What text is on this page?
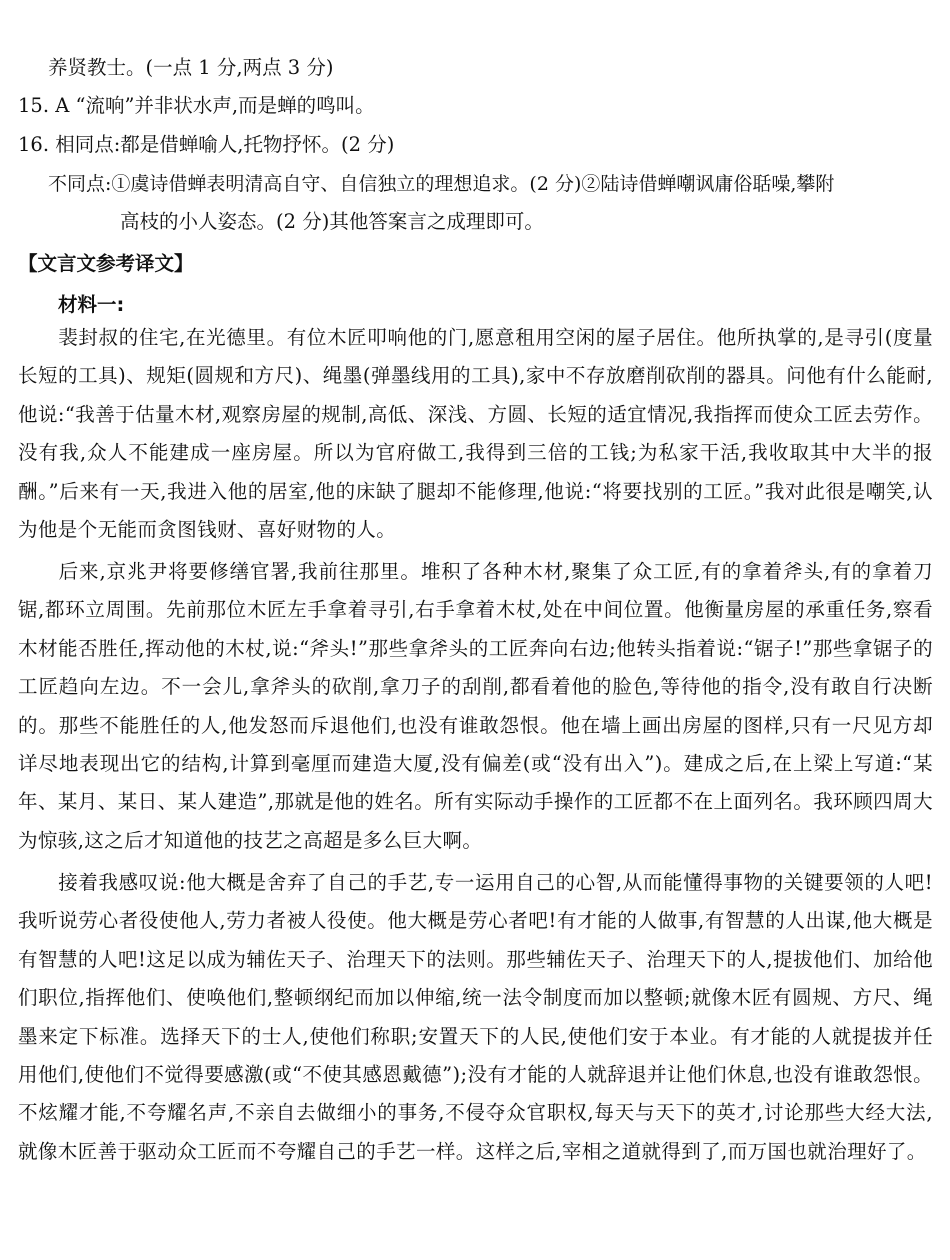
养贤教士。(一点 1 分,两点 3 分)
15. A “流响”并非状水声,而是蝉的鸣叫。
16. 相同点:都是借蝉喻人,托物抒怀。(2 分)
不同点:①虞诗借蝉表明清高自守、自信独立的理想追求。(2 分)②陆诗借蝉嘲讽庸俗聒噪,攀附
高枝的小人姿态。(2 分)其他答案言之成理即可。
【文言文参考译文】
材料一:
裴封叔的住宅,在光德里。有位木匠叩响他的门,愿意租用空闲的屋子居住。他所执掌的,是寻引(度量长短的工具)、规矩(圆规和方尺)、绳墨(弹墨线用的工具),家中不存放磨削砍削的器具。问他有什么能耐,他说:“我善于估量木材,观察房屋的规制,高低、深浅、方圆、长短的适宜情况,我指挥而使众工匠去劳作。没有我,众人不能建成一座房屋。所以为官府做工,我得到三倍的工钱;为私家干活,我收取其中大半的报酬。”后来有一天,我进入他的居室,他的床缺了腿却不能修理,他说:“将要找别的工匠。”我对此很是嘲笑,认为他是个无能而贪图钱财、喜好财物的人。
后来,京兆尹将要修缮官署,我前往那里。堆积了各种木材,聚集了众工匠,有的拿着斧头,有的拿着刀锯,都环立周围。先前那位木匠左手拿着寻引,右手拿着木杖,处在中间位置。他衡量房屋的承重任务,察看木材能否胜任,挥动他的木杖,说:“斧头!”那些拿斧头的工匠奔向右边;他转头指着说:“锯子!”那些拿锯子的工匠趋向左边。不一会儿,拿斧头的砍削,拿刀子的刮削,都看着他的脸色,等待他的指令,没有敢自行决断的。那些不能胜任的人,他发怒而斥退他们,也没有谁敢怨恨。他在墙上画出房屋的图样,只有一尺见方却详尽地表现出它的结构,计算到毫厘而建造大厦,没有偏差(或“没有出入”)。建成之后,在上梁上写道:“某年、某月、某日、某人建造”,那就是他的姓名。所有实际动手操作的工匠都不在上面列名。我环顾四周大为惊骇,这之后才知道他的技艺之高超是多么巨大啊。
接着我感叹说:他大概是舍弃了自己的手艺,专一运用自己的心智,从而能懂得事物的关键要领的人吧!我听说劳心者役使他人,劳力者被人役使。他大概是劳心者吧!有才能的人做事,有智慧的人出谋,他大概是有智慧的人吧!这足以成为辅佐天子、治理天下的法则。那些辅佐天子、治理天下的人,提拔他们、加给他们职位,指挥他们、使唤他们,整顿纲纪而加以伸缩,统一法令制度而加以整顿;就像木匠有圆规、方尺、绳墨来定下标准。选择天下的士人,使他们称职;安置天下的人民,使他们安于本业。有才能的人就提拔并任用他们,使他们不觉得要感激(或“不使其感恩戴德”);没有才能的人就辞退并让他们休息,也没有谁敢怨恨。不炫耀才能,不夸耀名声,不亲自去做细小的事务,不侵夺众官职权,每天与天下的英才,讨论那些大经大法,就像木匠善于驱动众工匠而不夸耀自己的手艺一样。这样之后,宰相之道就得到了,而万国也就治理好了。
